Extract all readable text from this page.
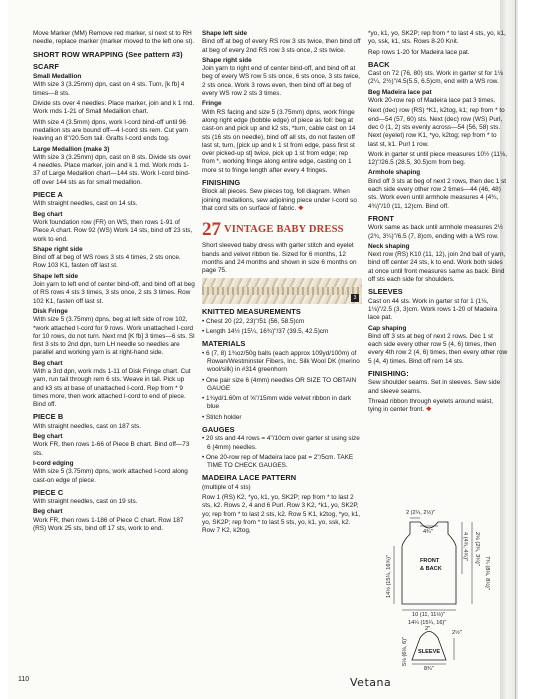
Move Marker (MM) Remove red marker, sl next st to RH needle, replace marker (marker moved to the left one st).

SHORT ROW WRAPPING (See pattern #3)
SCARF
Small Medallion

With size 3 (3.25mm) dpn, cast on 4 sts. Turn, [k fb] 4 times—8 sts.

Divide sts over 4 needles. Place marker, join and k 1 rnd. Work rnds 1-21 of Small Medallion chart.

With size 4 (3.5mm) dpns, work I-cord bind-off until 96 medallion sts are bound off—4 I-cord sts rem. Cut yarn leaving an 8"/20.5cm tail. Grafts I-cord ends tog.

Large Medallion (make 3)

With size 3 (3.25mm) dpn, cast on 8 sts. Divide sts over 4 needles. Place marker, join and k 1 rnd. Work rnds 1-37 of Large Medallion chart—144 sts. Work I-cord bind-off over 144 sts as for small medallion.

PIECE A

With straight needles, cast on 14 sts.

Beg chart

Work foundation row (FR) on WS, then rows 1-91 of Piece A chart. Row 92 (WS) Work 14 sts, bind off 23 sts, work to end.

Shape right side

Bind off at beg of WS rows 3 sts 4 times, 2 sts once. Row 103 K1, fasten off last st.

Shape left side

Join yarn to left end of center bind-off, and bind off at beg of RS rows 4 sts 3 times, 3 sts once, 2 sts 3 times. Row 102 K1, fasten off last st.

Disk Fringe

With size 5 (3.75mm) dpns, beg at left side of row 102, *work attached I-cord for 9 rows. Work unattached I-cord for 10 rows, do not turn. Next rnd [K fb] 3 times—6 sts. Sl first 3 sts to 2nd dpn, turn LH needle so needles are parallel and working yarn is at right-hand side.

Beg chart

With a 3rd dpn, work rnds 1-11 of Disk Fringe chart. Cut yarn, run tail through rem 6 sts. Weave in tail. Pick up and k3 sts at base of unattached I-cord. Rep from * 9 times more, then work attached I-cord to end of piece. Bind off.

PIECE B

With straight needles, cast on 187 sts.

Beg chart

Work FR, then rows 1-66 of Piece B chart. Bind off—73 sts.

I-cord edging

With size 5 (3.75mm) dpns, work attached I-cord along cast-on edge of piece.

PIECE C

With straight needles, cast on 19 sts.

Beg chart

Work FR, then rows 1-186 of Piece C chart. Row 187 (RS) Work 25 sts, bind off 17 sts, work to end.

Shape left side

Bind off at beg of every RS row 3 sts twice, then bind off at beg of every 2nd RS row 3 sts once, 2 sts twice.

Shape right side

Join yarn to right end of center bind-off, and bind off at beg of every WS row 5 sts once, 6 sts once, 3 sts twice, 2 sts once. Work 3 rows even, then bind off at beg of every WS row 2 sts 3 times.

Fringe

With RS facing and size 5 (3.75mm) dpns, work fringe along right edge (bobble edge) of piece as foll: beg at cast-on and pick up and k2 sts, *turn, cable cast on 14 sts (16 sts on needle), bind off all sts, do not fasten off last st, turn, [pick up and k 1 st from edge, pass first st over picked-up st] twice, pick up 1 st from edge; rep from *, working fringe along entire edge, casting on 1 more st to fringe length after every 4 fringes.

FINISHING

Block all pieces. Sew pieces tog, foll diagram. When joining medallions, sew adjoining piece under I-cord so that cord sits on surface of fabric. ❖

27 VINTAGE BABY DRESS

Short sleeved baby dress with garter stitch and eyelet bands and velvet ribbon tie. Sized for 6 months, 12 months and 24 months and shown in size 6 months on page 75.

3
KNITTED MEASUREMENTS

• Chest 20 (22, 23)"/51 (56, 58.5)cm

• Length 14½ (15¼, 16¾)"/37 (39.5, 42.5)cm

MATERIALS

• 6 (7, 8) 1¾oz/50g balls (each approx 109yd/100m) of Rowan/Westminster Fibers, Inc. Silk Wool DK (merino wool/silk) in #314 greenhorn

• One pair size 6 (4mm) needles OR SIZE TO OBTAIN GAUGE

• 1¾yd/1.60m of ⅝"/15mm wide velvet ribbon in dark blue

• Stitch holder

GAUGES

• 20 sts and 44 rows = 4"/10cm over garter st using size 6 (4mm) needles.

• One 20-row rep of Madeira lace pat = 2"/5cm. TAKE TIME TO CHECK GAUGES.

MADEIRA LACE PATTERN

(multiple of 4 sts)

Row 1 (RS) K2, *yo, k1, yo, SK2P; rep from * to last 2 sts, k2. Rows 2, 4 and 6 Purl. Row 3 K2, *k1, yo, SK2P, yo; rep from * to last 2 sts, k2. Row 5 K1, k2tog, *yo, k1, yo, SK2P; rep from * to last 5 sts, yo, k1, yo, ssk, k2. Row 7 K2, k2tog,

*yo, k1, yo, SK2P; rep from * to last 4 sts, yo, k1, yo, ssk, k1, sts. Rows 8-20 Knit.

Rep rows 1-20 for Madeira lace pat.

BACK

Cast on 72 (76, 80) sts. Work in garter st for 1⅛ (2¼, 2½)"/4.5(5.5, 6.5)cm, end with a WS row.

Beg Madeira lace pat

Work 20-row rep of Madeira lace pat 3 times.

Next (dec) row (RS) *K1, k2tog, k1; rep from * to end—54 (57, 60) sts. Next (dec) row (WS) Purl, dec 0 (1, 2) sts evenly across—54 (56, 58) sts. Next (eyelet) row K1, *yo, k2tog; rep from * to last st, k1. Purl 1 row.

Work in garter st until piece measures 10½ (11⅛, 12)"/26.5 (28.5, 30.5)cm from beg.

Armhole shaping

Bind off 3 sts at beg of next 2 rows, then dec 1 st each side every other row 2 times—44 (46, 48) sts. Work even until armhole measures 4 (4¾, 4¾)"/10 (11, 12)cm. Bind off.

FRONT

Work same as back until armhole measures 2½ (2¾, 3¼)"/6.5 (7, 8)cm, ending with a WS row.

Neck shaping

Next row (RS) K10 (11, 12), join 2nd ball of yarn, bind off center 24 sts, k to end. Work both sides at once until front measures same as back. Bind off sts each side for shoulders.

SLEEVES

Cast on 44 sts. Work in garter st for 1 (1⅛, 1⅛)"/2.5 (3, 3)cm. Work rows 1-20 of Madeira lace pat.

Cap shaping

Bind off 3 sts at beg of next 2 rows. Dec 1 st each side every other row 5 (4, 6) times, then every 4th row 2 (4, 6) times, then every other row 5 (4, 4) times. Bind off rem 14 sts.

FINISHING:

Sew shoulder seams. Set in sleeves. Sew side and sleeve seams.

Thread ribbon through eyelets around waist, tying in center front. ❖

2 (2¼, 2½)"
4¾"	4 (4¾, 4¾)" 2⅛ (2¾, 3¼)"
14½ (15¼, 16¾)"	7¾ (8⅛, 8½)"
FRONT
& BACK
10 (11, 11½)"
14¼ (15¼, 16)"
2"
2½"
SLEEVE
8¾"
5⅛ (6⅛, 6)"
110	Vetana
